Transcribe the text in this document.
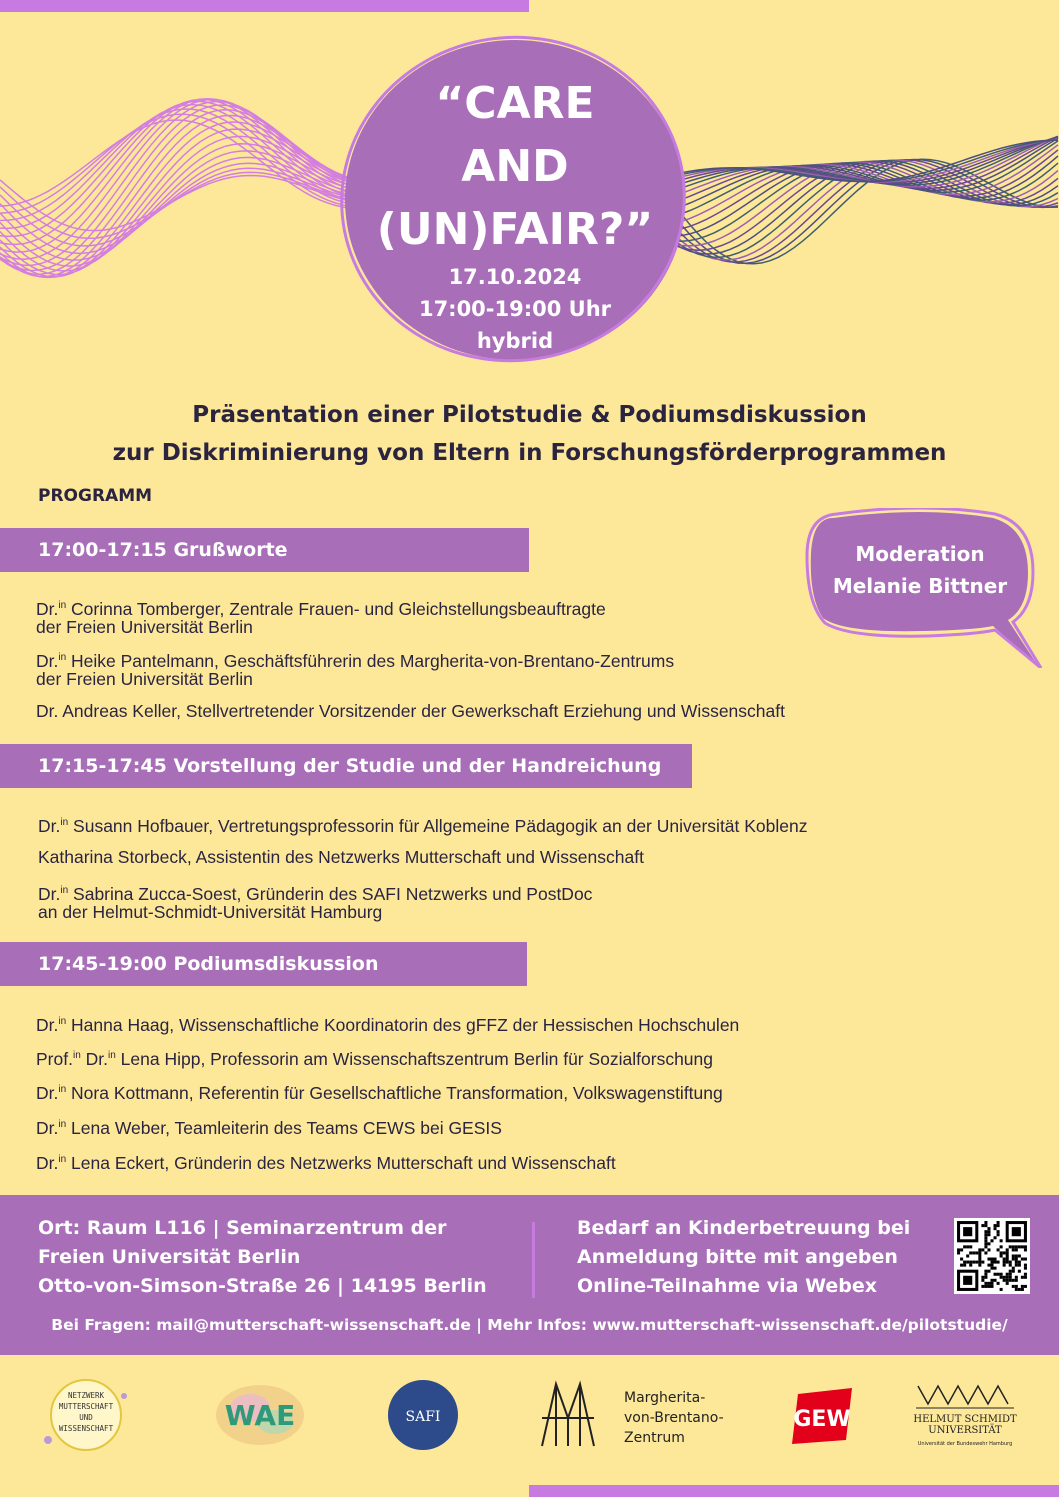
“CARE
AND
(UN)FAIR?”
17.10.2024
17:00-19:00 Uhr
hybrid
Präsentation einer Pilotstudie & Podiumsdiskussion
zur Diskriminierung von Eltern in Forschungsförderprogrammen
PROGRAMM
Moderation
Melanie Bittner
17:00-17:15 Grußworte
Dr.$^{in}$ Corinna Tomberger, Zentrale Frauen- und Gleichstellungsbeauftragte
der Freien Universität Berlin
Dr.$^{in}$ Heike Pantelmann, Geschäftsführerin des Margherita-von-Brentano-Zentrums
der Freien Universität Berlin
Dr. Andreas Keller, Stellvertretender Vorsitzender der Gewerkschaft Erziehung und Wissenschaft
17:15-17:45 Vorstellung der Studie und der Handreichung
Dr.$^{in}$ Susann Hofbauer, Vertretungsprofessorin für Allgemeine Pädagogik an der Universität Koblenz
Katharina Storbeck, Assistentin des Netzwerks Mutterschaft und Wissenschaft
Dr.$^{in}$ Sabrina Zucca-Soest, Gründerin des SAFI Netzwerks und PostDoc
an der Helmut-Schmidt-Universität Hamburg
17:45-19:00 Podiumsdiskussion
Dr.$^{in}$ Hanna Haag, Wissenschaftliche Koordinatorin des gFFZ der Hessischen Hochschulen
Prof.$^{in}$ Dr.$^{in}$ Lena Hipp, Professorin am Wissenschaftszentrum Berlin für Sozialforschung
Dr.$^{in}$ Nora Kottmann, Referentin für Gesellschaftliche Transformation, Volkswagenstiftung
Dr.$^{in}$ Lena Weber, Teamleiterin des Teams CEWS bei GESIS
Dr.$^{in}$ Lena Eckert, Gründerin des Netzwerks Mutterschaft und Wissenschaft
Ort: Raum L116 | Seminarzentrum der
Freien Universität Berlin
Otto-von-Simson-Straße 26 | 14195 Berlin
Bedarf an Kinderbetreuung bei
Anmeldung bitte mit angeben
Online-Teilnahme via Webex
Bei Fragen: mail@mutterschaft-wissenschaft.de | Mehr Infos: www.mutterschaft-wissenschaft.de/pilotstudie/
NETZWERK
MUTTERSCHAFT
UND
WISSENSCHAFT	WAE	SAFI
Margherita-
von-Brentano-
Zentrum
GEW	HELMUT SCHMIDT
UNIVERSITÄT
Universität der Bundeswehr Hamburg
